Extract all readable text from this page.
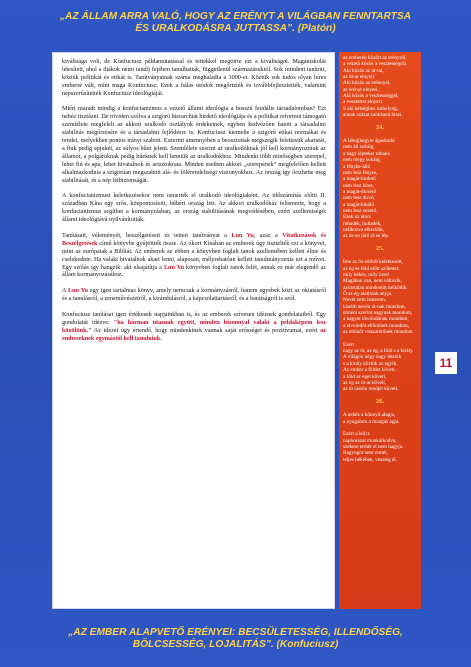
„AZ ÁLLAM ARRA VALÓ, HOGY AZ ERÉNYT A VILÁGBAN FENNTARTSA
ÉS URALKODÁSRA JUTTASSA”. (Platón)

kiváltsága volt, de Konfuciusz példamutatással és tettekkel megtörte ezt a kiváltságot. Magániskolát létesített, ahol a diákok némi tandíj fejében tanulhattak, függetlenül származásuktól. Sok mindent tanított, köztük politikát és etikát is. Tanítványainak száma meghaladta a 3000-et. Köztük sok tudós olyan híres emberré vált, mint maga Konfuciusz. Ezek a hálás utódok megőrizték és továbbfejlesztették, valamint népszerűsítették Konfuciusz ideológiáját.

Miért maradt mindig a konfucianizmus a vezető állami ideológia a hosszú feudális társadalomban? Ezt nehéz tisztázni. De röviden szólva a szigorú hierarchiát hirdető ideológiája és a politikai reformot támogató szemlélete megfelelt az akkori uralkodó osztályok érdekeinek, egyben kedvezően hatott a társadalmi stabilitás megőrzésére és a társadalmi fejlődésre is. Konfuciusz kiemelte a szigorú etikai normákat és rendet, melyekben pontos irányt szabott. Eszerint amennyiben a beosztottak megszegik felettesük akaratát, a fiuk pedig apjukét, az súlyos bűnt jelent. Szemlélete szerint az uralkodóknak jól kell kormányozniuk az államot, a polgároknak pedig hűeknek kell lenniük az uralkodókhoz. Mindenki több minőségben szerepel, lehet fiú és apa, lehet hivatalnok és arisztokrata. Minden esetben akkori „szerepének” megfelelően kellett alkalmazkodnia a szigorúan megszabott alá- és fölérendeltségi viszonyokhoz. Az ország így őrizhette meg stabilitását, és a nép létbiztonságát.

A konfucianizmust keletkezésekor nem ismerték el uralkodó ideológiaként. Az időszámítás előtti II. században Kína egy erős, központosított, hűbéri ország lett. Az akkori uralkodóház felismerte, hogy a konfucianizmus segíthet a kormányzásban, az ország stabilitásának megvédésében, ezért szellemiségét állami ideológiává nyilvánították.

Tanításait, véleményét, beszélgetéseit és tetteit tanítványai a Lun Yu, azaz a Vitatkozások és Beszélgetések című könyvbe gyűjtötték össze. Az ókori Kínában az emberek úgy tisztelték ezt a könyvet, mint az európaiak a Bibliát. Az emberek az ebben a könyvben foglalt tanok szellemében kellett élnie és cselekednie. Ha valaki hivatalnok akart lenni, alaposan, mélyrehatóan kellett tanulmányoznia ezt a művet. Egy szólás így hangzik: aki elsajátítja a Lun Yu könyvben foglalt tanok felét, annak ez már elegendő az állam kormányozásához.

A Lun Yu egy igen tartalmas könyv, amely nemcsak a kormányzásról, hanem egyebek közt az oktatásról és a tanulásról, a zeneművészetről, a kirándulásról, a kapcsolattartásról, és a barátságról is szól.

Konfuciusz tanításai igen értékesek napjainkban is, és az emberek szívesen idéznek gondolataiból. Egy gondolatát idézve: "ha hárman utaznak együtt, minden bizonnyal valaki a példaképem lesz közülünk." Az idézet úgy értendő, hogy mindenkinek vannak saját erősségei és pozitívumai, ezért az embereknek egymástól kell tanulniuk.

az emberek között az erényről,
a vezető közös a vesztességről.
Aki közös az út-tal,
az út-at elnyeri.
Aki közös az erénnyel,
az erényt elnyeri.
Aki közös a vesztességgel,
a vesztettet elnyeri.
S aki kétségben imbolyog,
annak százat sunkisem hiszi.
24.
A lábujjhegyre ágaskodó
nem áll sokáig,
a nagy lépteket rohanó
nem megy sokáig,
a fénybe-álló
nem lesz fényes,
a magát-hirdető
nem lesz híres,
a magát-dicsérő
nem lesz dicső,
a magát-kínáló
nem lesz vezető.
Ezek az úton:
rohadék, hulladék,
utálkozva elkerülik,
az út-on járó rá se lép.
25.
Íme az ős-zűrből keletkezett,
az ég és föld előtt született:
mily békés, mily üres!
Magában van, nem változik,
zavartalan mindenütt működik.
Ő az ég-alattinak anyja.
Nevét nem ismerem,
kisebb nevén út-nak mondom,
elmém szerint nagynak mondom,
a nagyot távolodónak mondom,
a távolodót eltűnőnek mondom,
az eltűnőt visszatérőnek mondom.
Ezért
nagy az út, az ég, a föld s a király.
A világon négy nagy létezik
s a király köztük az egyik.
Az ember a földet követi,
a föld az eget követi,
az ég az út-at követi,
az út önnön rendjét követi.
26.
A nehéz a könnyű alapja,
a nyugalom a mozgás apja.
Ezért a bölcs
naphosszat munkálkodva,
szekere terhét el nem hagyja.
Ragyogót nem remél,
teljes békében, veszteg él.
11
„AZ EMBER ALAPVETŐ ERÉNYEI: BECSÜLETESSÉG, ILLENDŐSÉG,
BÖLCSESSÉG, LOJALITÁS”. (Konfuciusz)
